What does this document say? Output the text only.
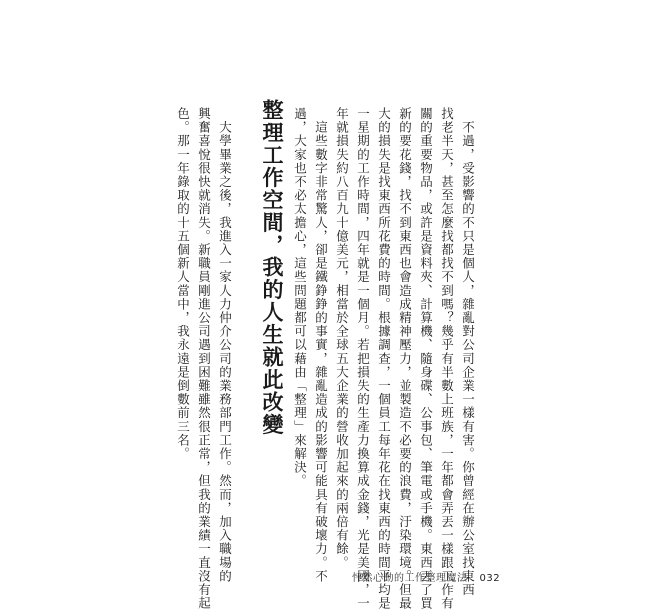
　不過，受影響的不只是個人，雜亂對公司企業一樣有害。你曾經在辦公室找東西
找老半天，甚至怎麼找都找不到嗎？幾乎有半數上班族，一年都會弄丟一樣跟工作有
關的重要物品，或許是資料夾、計算機、隨身碟、公事包、筆電或手機。東西丟了買
新的要花錢，找不到東西也會造成精神壓力，並製造不必要的浪費，汙染環境。但最
大的損失是找東西所花費的時間。根據調查，一個員工每年花在找東西的時間平均是
一星期的工作時間，四年就是一個月。若把損失的生產力換算成金錢，光是美國，一
年就損失約八百九十億美元，相當於全球五大企業的營收加起來的兩倍有餘。
　這些數字非常驚人，卻是鐵錚錚的事實，雜亂造成的影響可能具有破壞力。不
過，大家也不必太擔心，這些問題都可以藉由「整理」來解決。
整理工作空間，
我的人生就此改變
　大學畢業之後，我進入一家人力仲介公司的業務部門工作。然而，加入職場的
興奮喜悅很快就消失。新職員剛進公司遇到困難雖然很正常，但我的業績一直沒有起
色。那一年錄取的十五個新人當中，我永遠是倒數前三名。
怦然心動的工作整理魔法 032
